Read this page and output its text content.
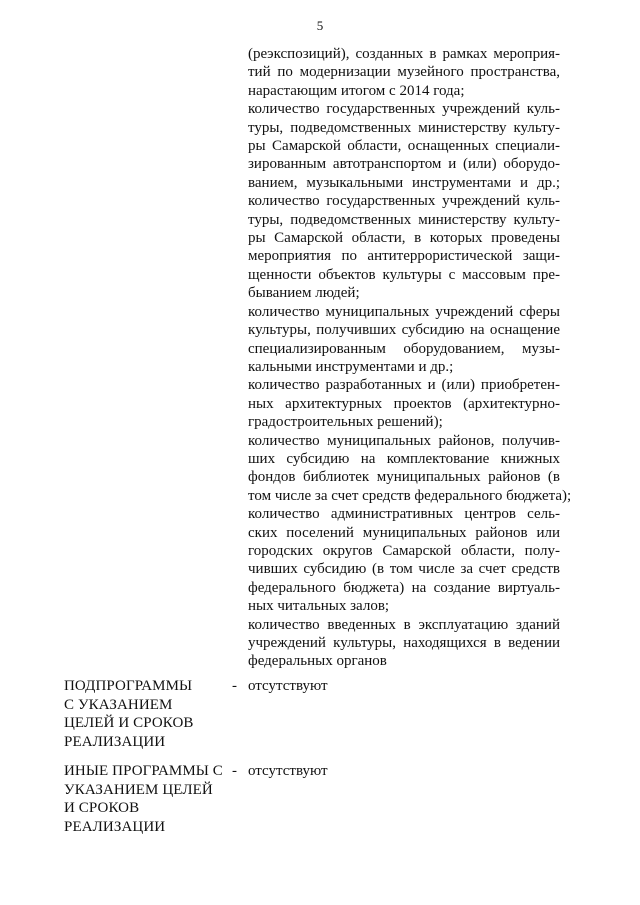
5
(реэкспозиций), созданных в рамках мероприя-
тий по модернизации музейного пространства,
нарастающим итогом с 2014 года;
количество государственных учреждений куль-
туры, подведомственных министерству культу-
ры Самарской области, оснащенных специали-
зированным автотранспортом и (или) оборудо-
ванием, музыкальными инструментами и др.;
количество государственных учреждений куль-
туры, подведомственных министерству культу-
ры Самарской области, в которых проведены
мероприятия по антитеррористической защи-
щенности объектов культуры с массовым пре-
быванием людей;
количество муниципальных учреждений сферы
культуры, получивших субсидию на оснащение
специализированным оборудованием, музы-
кальными инструментами и др.;
количество разработанных и (или) приобретен-
ных архитектурных проектов (архитектурно-
градостроительных решений);
количество муниципальных районов, получив-
ших субсидию на комплектование книжных
фондов библиотек муниципальных районов (в
том числе за счет средств федерального бюджета);
количество административных центров сель-
ских поселений муниципальных районов или
городских округов Самарской области, полу-
чивших субсидию (в том числе за счет средств
федерального бюджета) на создание виртуаль-
ных читальных залов;
количество введенных в эксплуатацию зданий
учреждений культуры, находящихся в ведении
федеральных органов
ПОДПРОГРАММЫ
С УКАЗАНИЕМ
ЦЕЛЕЙ И СРОКОВ
РЕАЛИЗАЦИИ
- отсутствуют
ИНЫЕ ПРОГРАММЫ С
УКАЗАНИЕМ ЦЕЛЕЙ
И СРОКОВ
РЕАЛИЗАЦИИ
- отсутствуют
